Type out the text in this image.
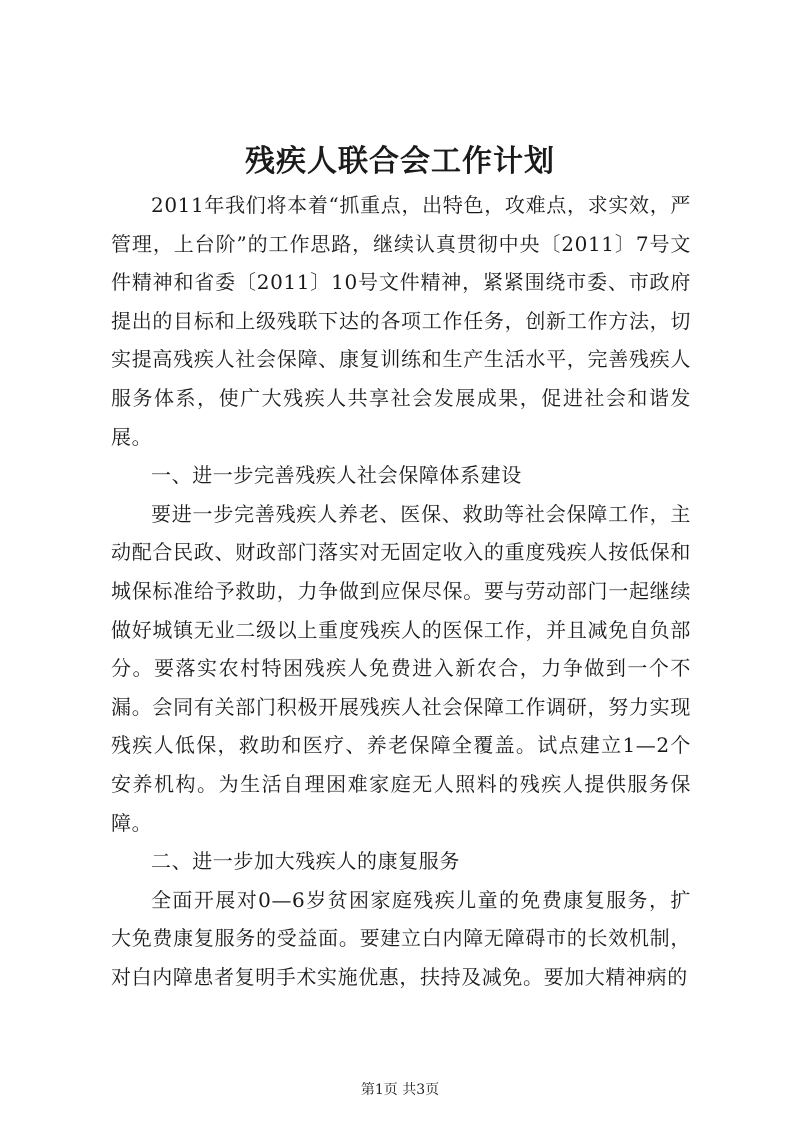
残疾人联合会工作计划

2011年我们将本着“抓重点，出特色，攻难点，求实效，严管理，上台阶”的工作思路，继续认真贯彻中央〔2011〕7号文件精神和省委〔2011〕10号文件精神，紧紧围绕市委、市政府提出的目标和上级残联下达的各项工作任务，创新工作方法，切实提高残疾人社会保障、康复训练和生产生活水平，完善残疾人服务体系，使广大残疾人共享社会发展成果，促进社会和谐发展。

一、进一步完善残疾人社会保障体系建设

要进一步完善残疾人养老、医保、救助等社会保障工作，主动配合民政、财政部门落实对无固定收入的重度残疾人按低保和城保标准给予救助，力争做到应保尽保。要与劳动部门一起继续做好城镇无业二级以上重度残疾人的医保工作，并且减免自负部分。要落实农村特困残疾人免费进入新农合，力争做到一个不漏。会同有关部门积极开展残疾人社会保障工作调研，努力实现残疾人低保，救助和医疗、养老保障全覆盖。试点建立1—2个安养机构。为生活自理困难家庭无人照料的残疾人提供服务保障。

二、进一步加大残疾人的康复服务

全面开展对0—6岁贫困家庭残疾儿童的免费康复服务，扩大免费康复服务的受益面。要建立白内障无障碍市的长效机制，对白内障患者复明手术实施优惠，扶持及减免。要加大精神病的

第1页 共3页
